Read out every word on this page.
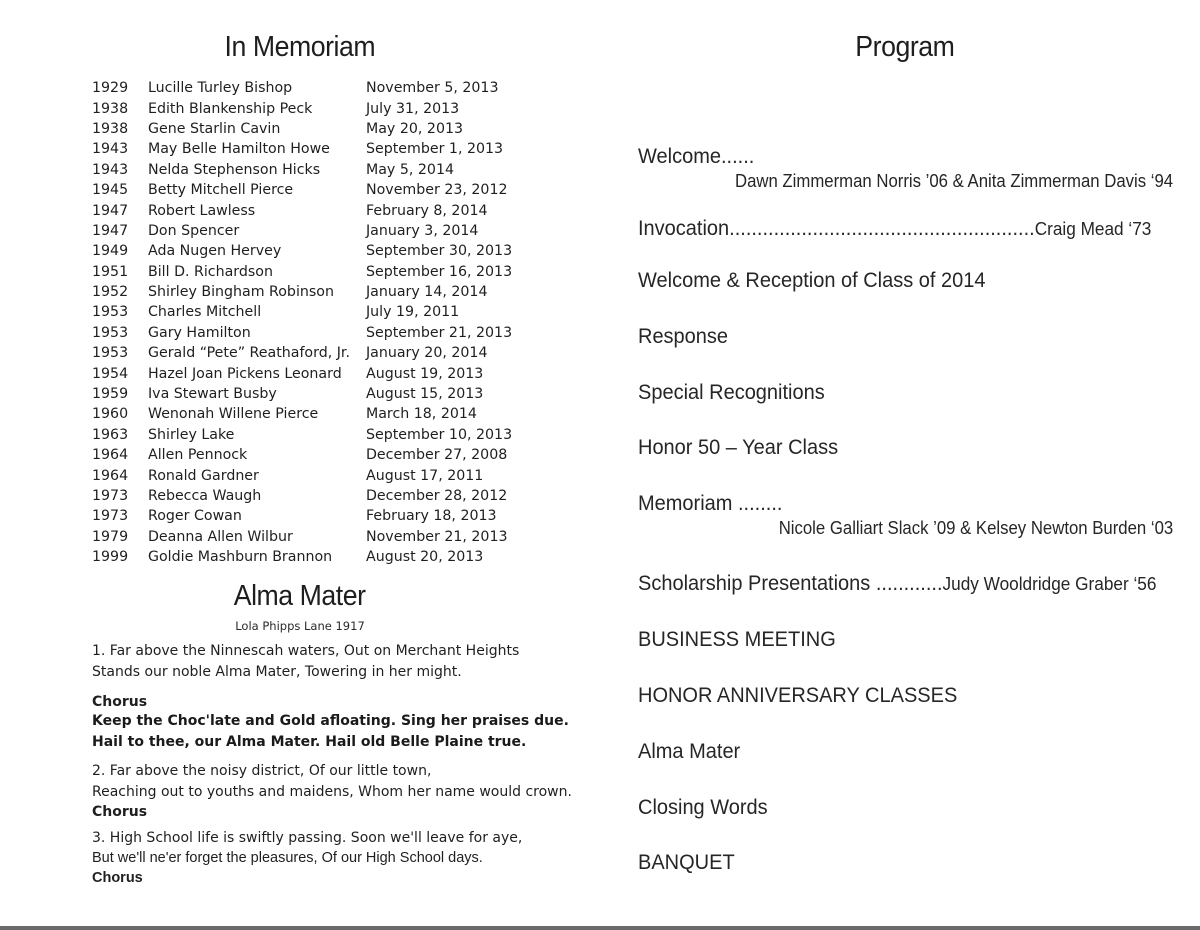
In Memoriam
1929	Lucille Turley Bishop	November 5, 2013
1938	Edith Blankenship Peck	July 31, 2013
1938	Gene Starlin Cavin	May 20, 2013
1943	May Belle Hamilton Howe	September 1, 2013
1943	Nelda Stephenson Hicks	May 5, 2014
1945	Betty Mitchell Pierce	November 23, 2012
1947	Robert Lawless	February 8, 2014
1947	Don Spencer	January 3, 2014
1949	Ada Nugen Hervey	September 30, 2013
1951	Bill D. Richardson	September 16, 2013
1952	Shirley Bingham Robinson	January 14, 2014
1953	Charles Mitchell	July 19, 2011
1953	Gary Hamilton	September 21, 2013
1953	Gerald “Pete” Reathaford, Jr.	January 20, 2014
1954	Hazel Joan Pickens Leonard	August 19, 2013
1959	Iva Stewart Busby	August 15, 2013
1960	Wenonah Willene Pierce	March 18, 2014
1963	Shirley Lake	September 10, 2013
1964	Allen Pennock	December 27, 2008
1964	Ronald Gardner	August 17, 2011
1973	Rebecca Waugh	December 28, 2012
1973	Roger Cowan	February 18, 2013
1979	Deanna Allen Wilbur	November 21, 2013
1999	Goldie Mashburn Brannon	August 20, 2013
Alma Mater
Lola Phipps Lane 1917
1. Far above the Ninnescah waters, Out on Merchant Heights
Stands our noble Alma Mater, Towering in her might.
Chorus
Keep the Choc'late and Gold afloating. Sing her praises due.
Hail to thee, our Alma Mater. Hail old Belle Plaine true.
2. Far above the noisy district, Of our little town,
Reaching out to youths and maidens, Whom her name would crown.
Chorus
3. High School life is swiftly passing. Soon we'll leave for aye,
But we'll ne'er forget the pleasures, Of our High School days.
Chorus
Program
Welcome......
Dawn Zimmerman Norris ’06 & Anita Zimmerman Davis ‘94
Invocation.......................................................Craig Mead ‘73
Welcome & Reception of Class of 2014
Response
Special Recognitions
Honor 50 – Year Class
Memoriam ........
Nicole Galliart Slack ’09 & Kelsey Newton Burden ‘03
Scholarship Presentations ............Judy Wooldridge Graber ‘56
BUSINESS MEETING
HONOR ANNIVERSARY CLASSES
Alma Mater
Closing Words
BANQUET
